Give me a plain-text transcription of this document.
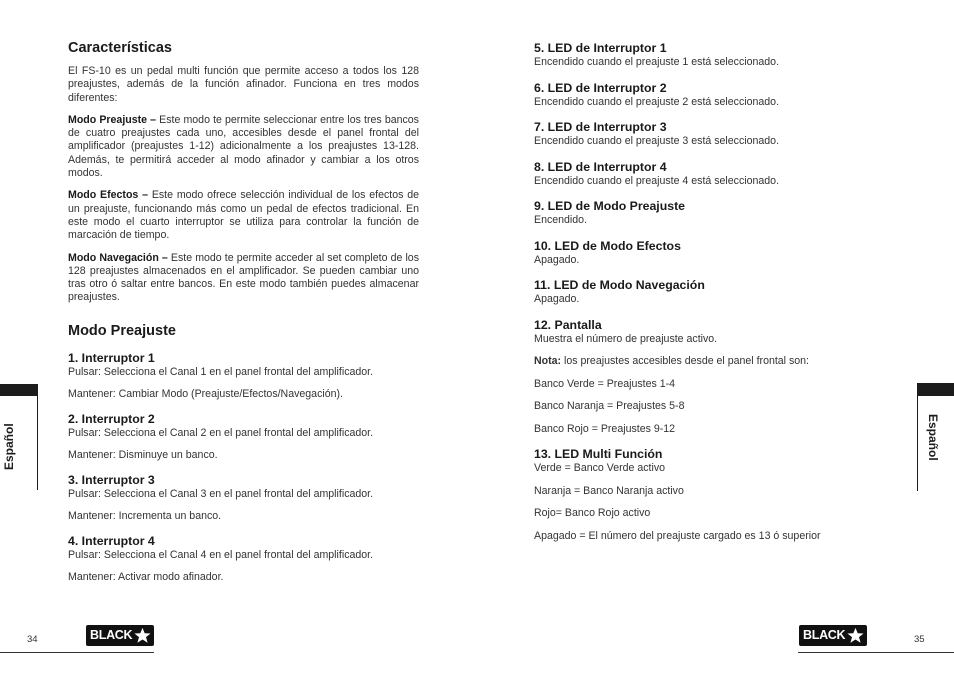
Características

El FS-10 es un pedal multi función que permite acceso a todos los 128 preajustes, además de la función afinador. Funciona en tres modos diferentes:

Modo Preajuste – Este modo te permite seleccionar entre los tres bancos de cuatro preajustes cada uno, accesibles desde el panel frontal del amplificador (preajustes 1-12) adicionalmente a los preajustes 13-128. Además, te permitirá acceder al modo afinador y cambiar a los otros modos.

Modo Efectos – Este modo ofrece selección individual de los efectos de un preajuste, funcionando más como un pedal de efectos tradicional. En este modo el cuarto interruptor se utiliza para controlar la función de marcación de tiempo.

Modo Navegación – Este modo te permite acceder al set completo de los 128 preajustes almacenados en el amplificador. Se pueden cambiar uno tras otro ó saltar entre bancos. En este modo también puedes almacenar preajustes.

Modo Preajuste
1. Interruptor 1

Pulsar: Selecciona el Canal 1 en el panel frontal del amplificador.

Mantener: Cambiar Modo (Preajuste/Efectos/Navegación).

2. Interruptor 2

Pulsar: Selecciona el Canal 2 en el panel frontal del amplificador.

Mantener: Disminuye un banco.

3. Interruptor 3

Pulsar: Selecciona el Canal 3 en el panel frontal del amplificador.

Mantener: Incrementa un banco.

4. Interruptor 4

Pulsar: Selecciona el Canal 4 en el panel frontal del amplificador.

Mantener: Activar modo afinador.

5. LED de Interruptor 1

Encendido cuando el preajuste 1 está seleccionado.

6. LED de Interruptor 2

Encendido cuando el preajuste 2 está seleccionado.

7. LED de Interruptor 3

Encendido cuando el preajuste 3 está seleccionado.

8. LED de Interruptor 4

Encendido cuando el preajuste 4 está seleccionado.

9. LED de Modo Preajuste

Encendido.

10. LED de Modo Efectos

Apagado.

11. LED de Modo Navegación

Apagado.

12. Pantalla

Muestra el número de preajuste activo.

Nota: los preajustes accesibles desde el panel frontal son:

Banco Verde = Preajustes 1-4

Banco Naranja = Preajustes 5-8

Banco Rojo = Preajustes 9-12

13. LED Multi Función

Verde = Banco Verde activo

Naranja = Banco Naranja activo

Rojo= Banco Rojo activo

Apagado = El número del preajuste cargado es 13 ó superior

Español	Español
34	35
BLACK	BLACK
